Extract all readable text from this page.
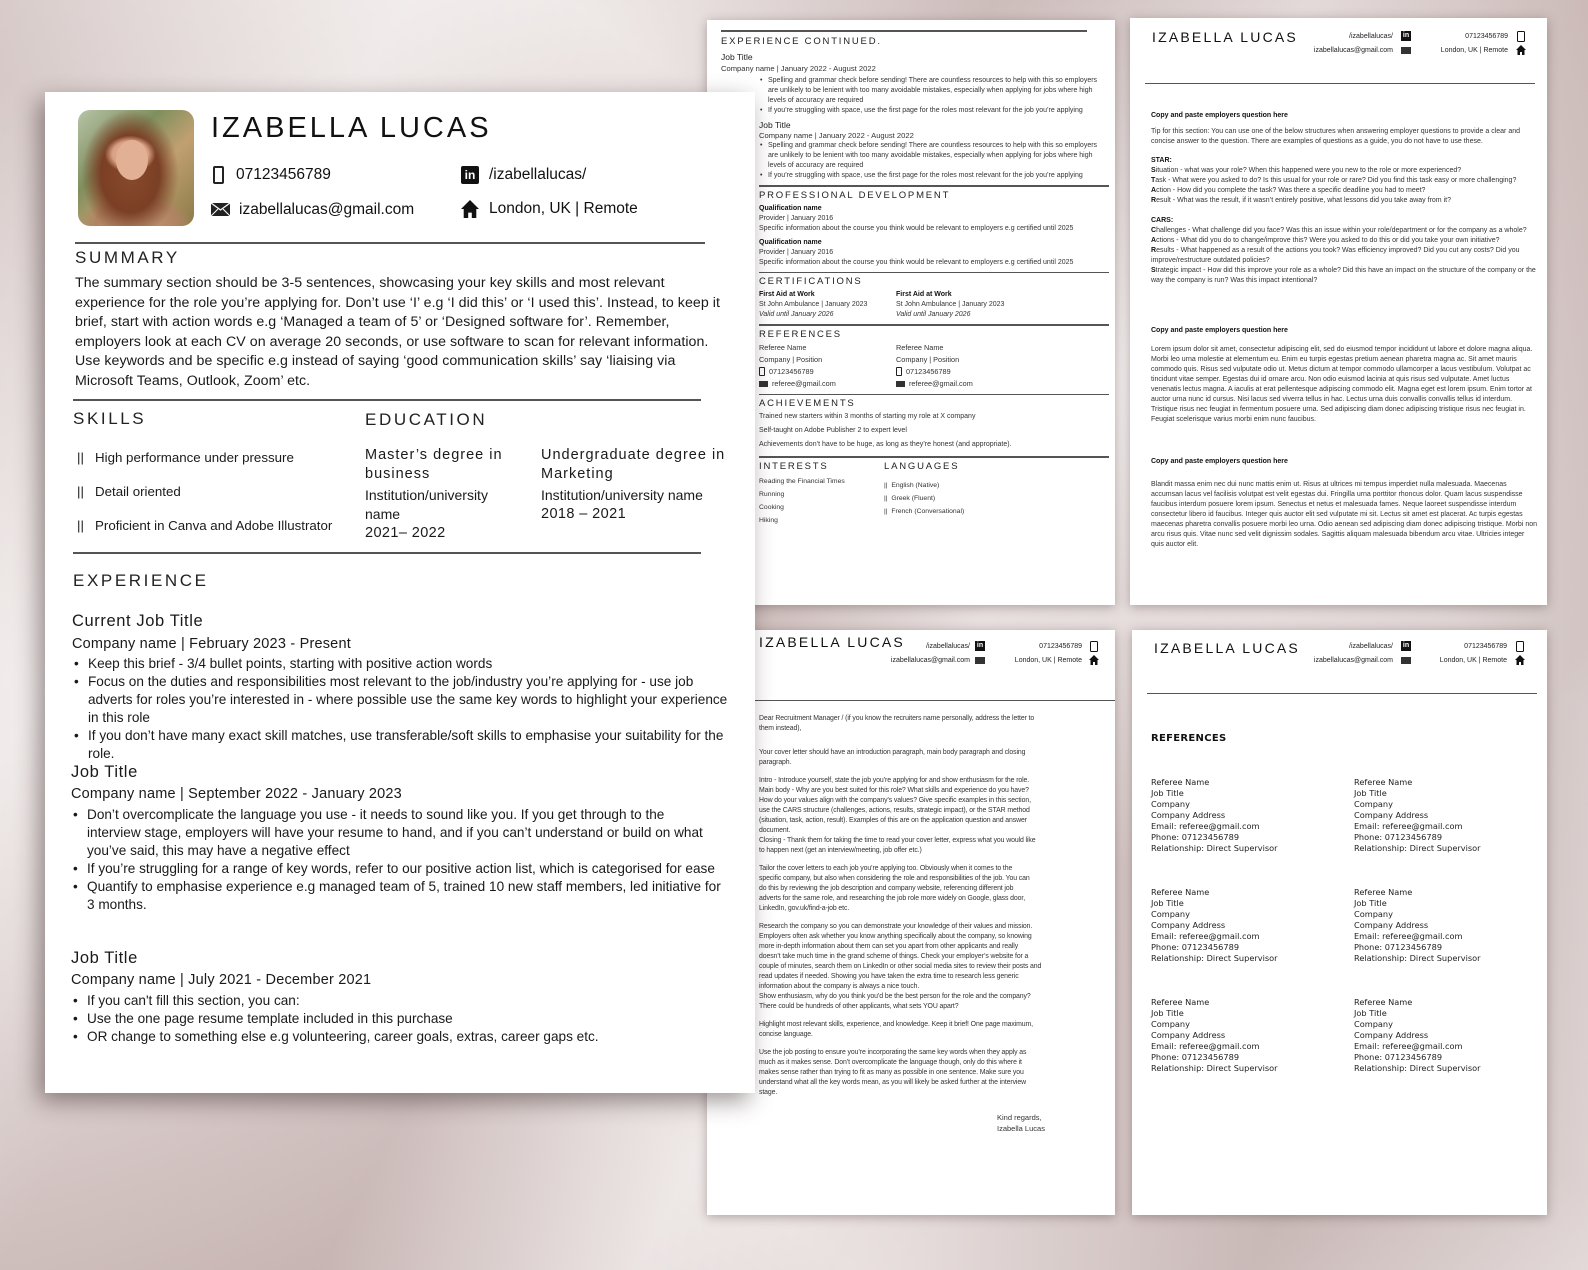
EXPERIENCE CONTINUED.
Job Title
Company name | January 2022 - August 2022
• Spelling and grammar check before sending! There are countless resources to help with this so employers are unlikely to be lenient with too many avoidable mistakes, especially when applying for jobs where high levels of accuracy are required
• If you’re struggling with space, use the first page for the roles most relevant for the job you’re applying
Job Title
Company name | January 2022 - August 2022
• Spelling and grammar check before sending! There are countless resources to help with this so employers are unlikely to be lenient with too many avoidable mistakes, especially when applying for jobs where high levels of accuracy are required
• If you’re struggling with space, use the first page for the roles most relevant for the job you’re applying
PROFESSIONAL DEVELOPMENT
Qualification name
Provider | January 2016
Specific information about the course you think would be relevant to employers e.g certified until 2025
Qualification name
Provider | January 2016
Specific information about the course you think would be relevant to employers e.g certified until 2025
CERTIFICATIONS
First Aid at Work
St John Ambulance | January 2023
Valid until January 2026
First Aid at Work
St John Ambulance | January 2023
Valid until January 2026
REFERENCES
Referee Name
Company | Position
07123456789
referee@gmail.com
Referee Name
Company | Position
07123456789
referee@gmail.com
ACHIEVEMENTS
Trained new starters within 3 months of starting my role at X company
Self-taught on Adobe Publisher 2 to expert level
Achievements don’t have to be huge, as long as they’re honest (and appropriate).
INTERESTS
Reading the Financial Times
Running
Cooking
Hiking
LANGUAGES
|| English (Native)
|| Greek (Fluent)
|| French (Conversational)
IZABELLA LUCAS	/izabellalucas/ in
izabellalucas@gmail.com
07123456789
London, UK | Remote
Copy and paste employers question here
Tip for this section: You can use one of the below structures when answering employer questions to provide a clear and concise answer to the question. There are examples of questions as a guide, you do not have to use these.
STAR:
Situation - what was your role? When this happened were you new to the role or more experienced?
Task - What were you asked to do? Is this usual for your role or rare? Did you find this task easy or more challenging?
Action - How did you complete the task? Was there a specific deadline you had to meet?
Result - What was the result, if it wasn’t entirely positive, what lessons did you take away from it?
CARS:
Challenges - What challenge did you face? Was this an issue within your role/department or for the company as a whole?
Actions - What did you do to change/improve this? Were you asked to do this or did you take your own initiative?
Results - What happened as a result of the actions you took? Was efficiency improved? Did you cut any costs? Did you improve/restructure outdated policies?
Strategic impact - How did this improve your role as a whole? Did this have an impact on the structure of the company or the way the company is run? Was this impact intentional?
Copy and paste employers question here
Lorem ipsum dolor sit amet, consectetur adipiscing elit, sed do eiusmod tempor incididunt ut labore et dolore magna aliqua. Morbi leo urna molestie at elementum eu. Enim eu turpis egestas pretium aenean pharetra magna ac. Sit amet mauris commodo quis. Risus sed vulputate odio ut. Metus dictum at tempor commodo ullamcorper a lacus vestibulum. Volutpat ac tincidunt vitae semper. Egestas dui id ornare arcu. Non odio euismod lacinia at quis risus sed vulputate. Amet luctus venenatis lectus magna. A iaculis at erat pellentesque adipiscing commodo elit. Magna eget est lorem ipsum. Enim tortor at auctor urna nunc id cursus. Nisi lacus sed viverra tellus in hac. Lectus urna duis convallis convallis tellus id interdum. Tristique risus nec feugiat in fermentum posuere urna. Sed adipiscing diam donec adipiscing tristique risus nec feugiat in. Feugiat scelerisque varius morbi enim nunc faucibus.
Copy and paste employers question here
Blandit massa enim nec dui nunc mattis enim ut. Risus at ultrices mi tempus imperdiet nulla malesuada. Maecenas accumsan lacus vel facilisis volutpat est velit egestas dui. Fringilla urna porttitor rhoncus dolor. Quam lacus suspendisse faucibus interdum posuere lorem ipsum. Senectus et netus et malesuada fames. Neque laoreet suspendisse interdum consectetur libero id faucibus. Integer quis auctor elit sed vulputate mi sit. Lectus sit amet est placerat. Ac turpis egestas maecenas pharetra convallis posuere morbi leo urna. Odio aenean sed adipiscing diam donec adipiscing tristique. Morbi non arcu risus quis. Vitae nunc sed velit dignissim sodales. Sagittis aliquam malesuada bibendum arcu vitae. Ultricies integer quis auctor elit.
IZABELLA LUCAS	/izabellalucas/ in
izabellalucas@gmail.com
07123456789
London, UK | Remote
Dear Recruitment Manager / (if you know the recruiters name personally, address the letter to
them instead),
Your cover letter should have an introduction paragraph, main body paragraph and closing
paragraph.
Intro - Introduce yourself, state the job you’re applying for and show enthusiasm for the role.
Main body - Why are you best suited for this role? What skills and experience do you have?
How do your values align with the company’s values? Give specific examples in this section,
use the CARS structure (challenges, actions, results, strategic impact), or the STAR method
(situation, task, action, result). Examples of this are on the application question and answer
document.
Closing - Thank them for taking the time to read your cover letter, express what you would like
to happen next (get an interview/meeting, job offer etc.)
Tailor the cover letters to each job you’re applying too. Obviously when it comes to the
specific company, but also when considering the role and responsibilities of the job. You can
do this by reviewing the job description and company website, referencing different job
adverts for the same role, and researching the job role more widely on Google, glass door,
LinkedIn, gov.uk/find-a-job etc.
Research the company so you can demonstrate your knowledge of their values and mission.
Employers often ask whether you know anything specifically about the company, so knowing
more in-depth information about them can set you apart from other applicants and really
doesn’t take much time in the grand scheme of things. Check your employer’s website for a
couple of minutes, search them on LinkedIn or other social media sites to review their posts and
read updates if needed. Showing you have taken the extra time to research less generic
information about the company is always a nice touch.
Show enthusiasm, why do you think you’d be the best person for the role and the company?
There could be hundreds of other applicants, what sets YOU apart?
Highlight most relevant skills, experience, and knowledge. Keep it brief! One page maximum,
concise language.
Use the job posting to ensure you’re incorporating the same key words when they apply as
much as it makes sense. Don’t overcomplicate the language though, only do this where it
makes sense rather than trying to fit as many as possible in one sentence. Make sure you
understand what all the key words mean, as you will likely be asked further at the interview
stage.
Kind regards,
Izabella Lucas
IZABELLA LUCAS	/izabellalucas/ in
izabellalucas@gmail.com
07123456789
London, UK | Remote
REFERENCES
Referee Name
Job Title
Company
Company Address
Email: referee@gmail.com
Phone: 07123456789
Relationship: Direct Supervisor
Referee Name
Job Title
Company
Company Address
Email: referee@gmail.com
Phone: 07123456789
Relationship: Direct Supervisor
Referee Name
Job Title
Company
Company Address
Email: referee@gmail.com
Phone: 07123456789
Relationship: Direct Supervisor
Referee Name
Job Title
Company
Company Address
Email: referee@gmail.com
Phone: 07123456789
Relationship: Direct Supervisor
Referee Name
Job Title
Company
Company Address
Email: referee@gmail.com
Phone: 07123456789
Relationship: Direct Supervisor
Referee Name
Job Title
Company
Company Address
Email: referee@gmail.com
Phone: 07123456789
Relationship: Direct Supervisor
IZABELLA LUCAS
07123456789	in /izabellalucas/
izabellalucas@gmail.com	London, UK | Remote
SUMMARY
The summary section should be 3-5 sentences, showcasing your key skills and most relevant experience for the role you’re applying for. Don’t use ‘I’ e.g ‘I did this’ or ‘I used this’. Instead, to keep it brief, start with action words e.g ‘Managed a team of 5’ or ‘Designed software for’. Remember, employers look at each CV on average 20 seconds, or use software to scan for relevant information. Use keywords and be specific e.g instead of saying ‘good communication skills’ say ‘liaising via Microsoft Teams, Outlook, Zoom’ etc.
SKILLS
|| High performance under pressure
|| Detail oriented
|| Proficient in Canva and Adobe Illustrator
EDUCATION
Master’s degree in business
Institution/university name
2021– 2022
Undergraduate degree in Marketing
Institution/university name
2018 – 2021
EXPERIENCE
Current Job Title
Company name | February 2023 - Present
• Keep this brief - 3/4 bullet points, starting with positive action words
• Focus on the duties and responsibilities most relevant to the job/industry you’re applying for - use job adverts for roles you’re interested in - where possible use the same key words to highlight your experience in this role
• If you don’t have many exact skill matches, use transferable/soft skills to emphasise your suitability for the role.
Job Title
Company name | September 2022 - January 2023
• Don’t overcomplicate the language you use - it needs to sound like you. If you get through to the interview stage, employers will have your resume to hand, and if you can’t understand or build on what you’ve said, this may have a negative effect
• If you’re struggling for a range of key words, refer to our positive action list, which is categorised for ease
• Quantify to emphasise experience e.g managed team of 5, trained 10 new staff members, led initiative for 3 months.
Job Title
Company name | July 2021 - December 2021
• If you can't fill this section, you can:
• Use the one page resume template included in this purchase
• OR change to something else e.g volunteering, career goals, extras, career gaps etc.
